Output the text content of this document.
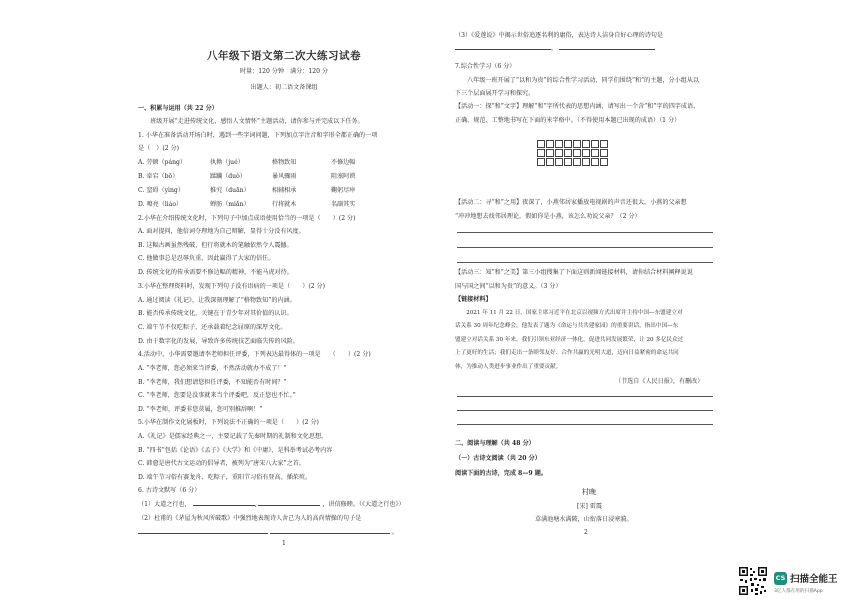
八年级下语文第二次大练习试卷
时量：120 分钟　满分：120 分
出题人：初二语文备课组
一、积累与运用（共 22 分）
　　班级开展“走进传统文化，感悟人文情怀”主题活动，请你参与并完成以下任务。
1. 小华在准备活动开场白时，遇到一些字词问题，下列加点字注音和字形全都正确的一项
是（　）(2 分)
A. 劳顿（páng）	执拗（jué）	格物致知	不修边幅
B. 牵宕（bō）	蹂躏（duò）	暴风骤雨	阻塞阿谀
C. 窒碍（yìng）	推究（duān）	相辅相承	鞠躬尽瘁
D. 嘹亮（liáo）	蝉肪（miǎn）	行将就木	名副其实
2.小华在介绍传统文化时，下列句子中加点成语使用恰当的一项是（　　）(2 分)
A. 面对提问，他倍词夺理地为自己辩解，显得十分没有风度。
B. 这幅古画虽然残破，但行将就木的笔触依然令人震撼。
C. 他做事总是忍辱负重，因此赢得了大家的信任。
D. 传统文化的传承需要不修边幅的精神，不能马虎对待。
3.小华在整理资料时，发现下列句子没有语病的一项是（　　）(2 分)
A. 通过阅读《礼记》，让我深刻理解了“格物致知”的内涵。
B. 能否传承传统文化，关键在于青少年对其价值的认识。
C. 端午节不仅吃粽子，还承载着纪念屈原的深厚文化。
D. 由于数字化的发展，导致许多传统技艺面临失传的风险。
4.活动中，小华需要邀请李老师担任评委，下列表达最得体的一项是　　（　　）(2 分)
A. “李老师，您必须来当评委，不然活动就办不成了！”
B. “李老师，我们想请您担任评委，不知能否有时间？”
C. “李老师，您要是没事就来当个评委吧，反正您也不忙。”
D. “李老师，评委非您莫属，您可别推辞啊！”
5.小华在制作文化展板时，下列说法不正确的一项是（　　）(2 分)
A.《礼记》是儒家经典之一，主要记载了先秦时期的礼制和文化思想。
B. “四书”包括《论语》《孟子》《大学》和《中庸》，是科举考试必考内容
C. 韩愈是唐代古文运动的倡导者，被列为“唐宋八大家”之首。
D. 端午节习俗有赛龙舟、吃粽子，重阳节习俗有登高、插茱萸。
6. 古诗文默写（6 分）
（1）大道之行也，	,	，讲信修睦。（《大道之行也》）
（2）杜甫的《茅屋为秋风所破歌》中强烈地表现诗人舍己为人的高尚情操的句子是
。
1
（3）《爱莲说》中揭示世俗追逐名利的庸俗，表达诗人洁身自好心理的诗句是
，
7.综合性学习（6 分）
　　八年级一班开展了“以和为贵”的综合性学习活动，同学们围绕“和”的主题，分小组从以
下三个层面展开学习和探究。
【活动一：探“和”文字】理解“和”字所代表的思想内涵，请写出一个含“和”字的四字成语，
正确、规范、工整地书写在下面的米字格中。（不得使用本题已出现的成语）（1 分）
【活动二：寻“和”之用】夜深了，小燕邻居家播放电视剧的声音还很大，小燕的父亲想
“冲冲地想去找邻居理论，假如你是小燕，该怎么劝说父亲？（2 分）
【活动三：知“和”之美】第三小组搜集了下面这则新闻链接材料，请你结合材料阐释说说
国与国之间“以和为贵”的意义。（3 分）
【链接材料】
　　2021 年 11 月 22 日，国家主席习近平在北京以视频方式出席并主持中国—东盟建立对
话关系 30 周年纪念峰会，他发表了题为《命运与共共建家园》的重要讲话，指出中国—东
盟建立对话关系 30 年来，我们引领东亚经济一体化，促进共同发展繁荣，让 20 多亿民众过
上了更好的生活；我们走出一条睦邻友好、合作共赢的光明大道，迈向日益紧密的命运共同
体，为推动人类进步事业作出了重要贡献。
（节选自《人民日报》，有删改）
二、阅读与理解（共 48 分）
（一）古诗文阅读（共 20 分）
阅读下面的古诗，完成 8—9 题。
村晚
[宋] 雷震
草满池塘水满陂，山衔落日浸寒漪。
2
CS 扫描全能王
3亿人都在用的扫描App
